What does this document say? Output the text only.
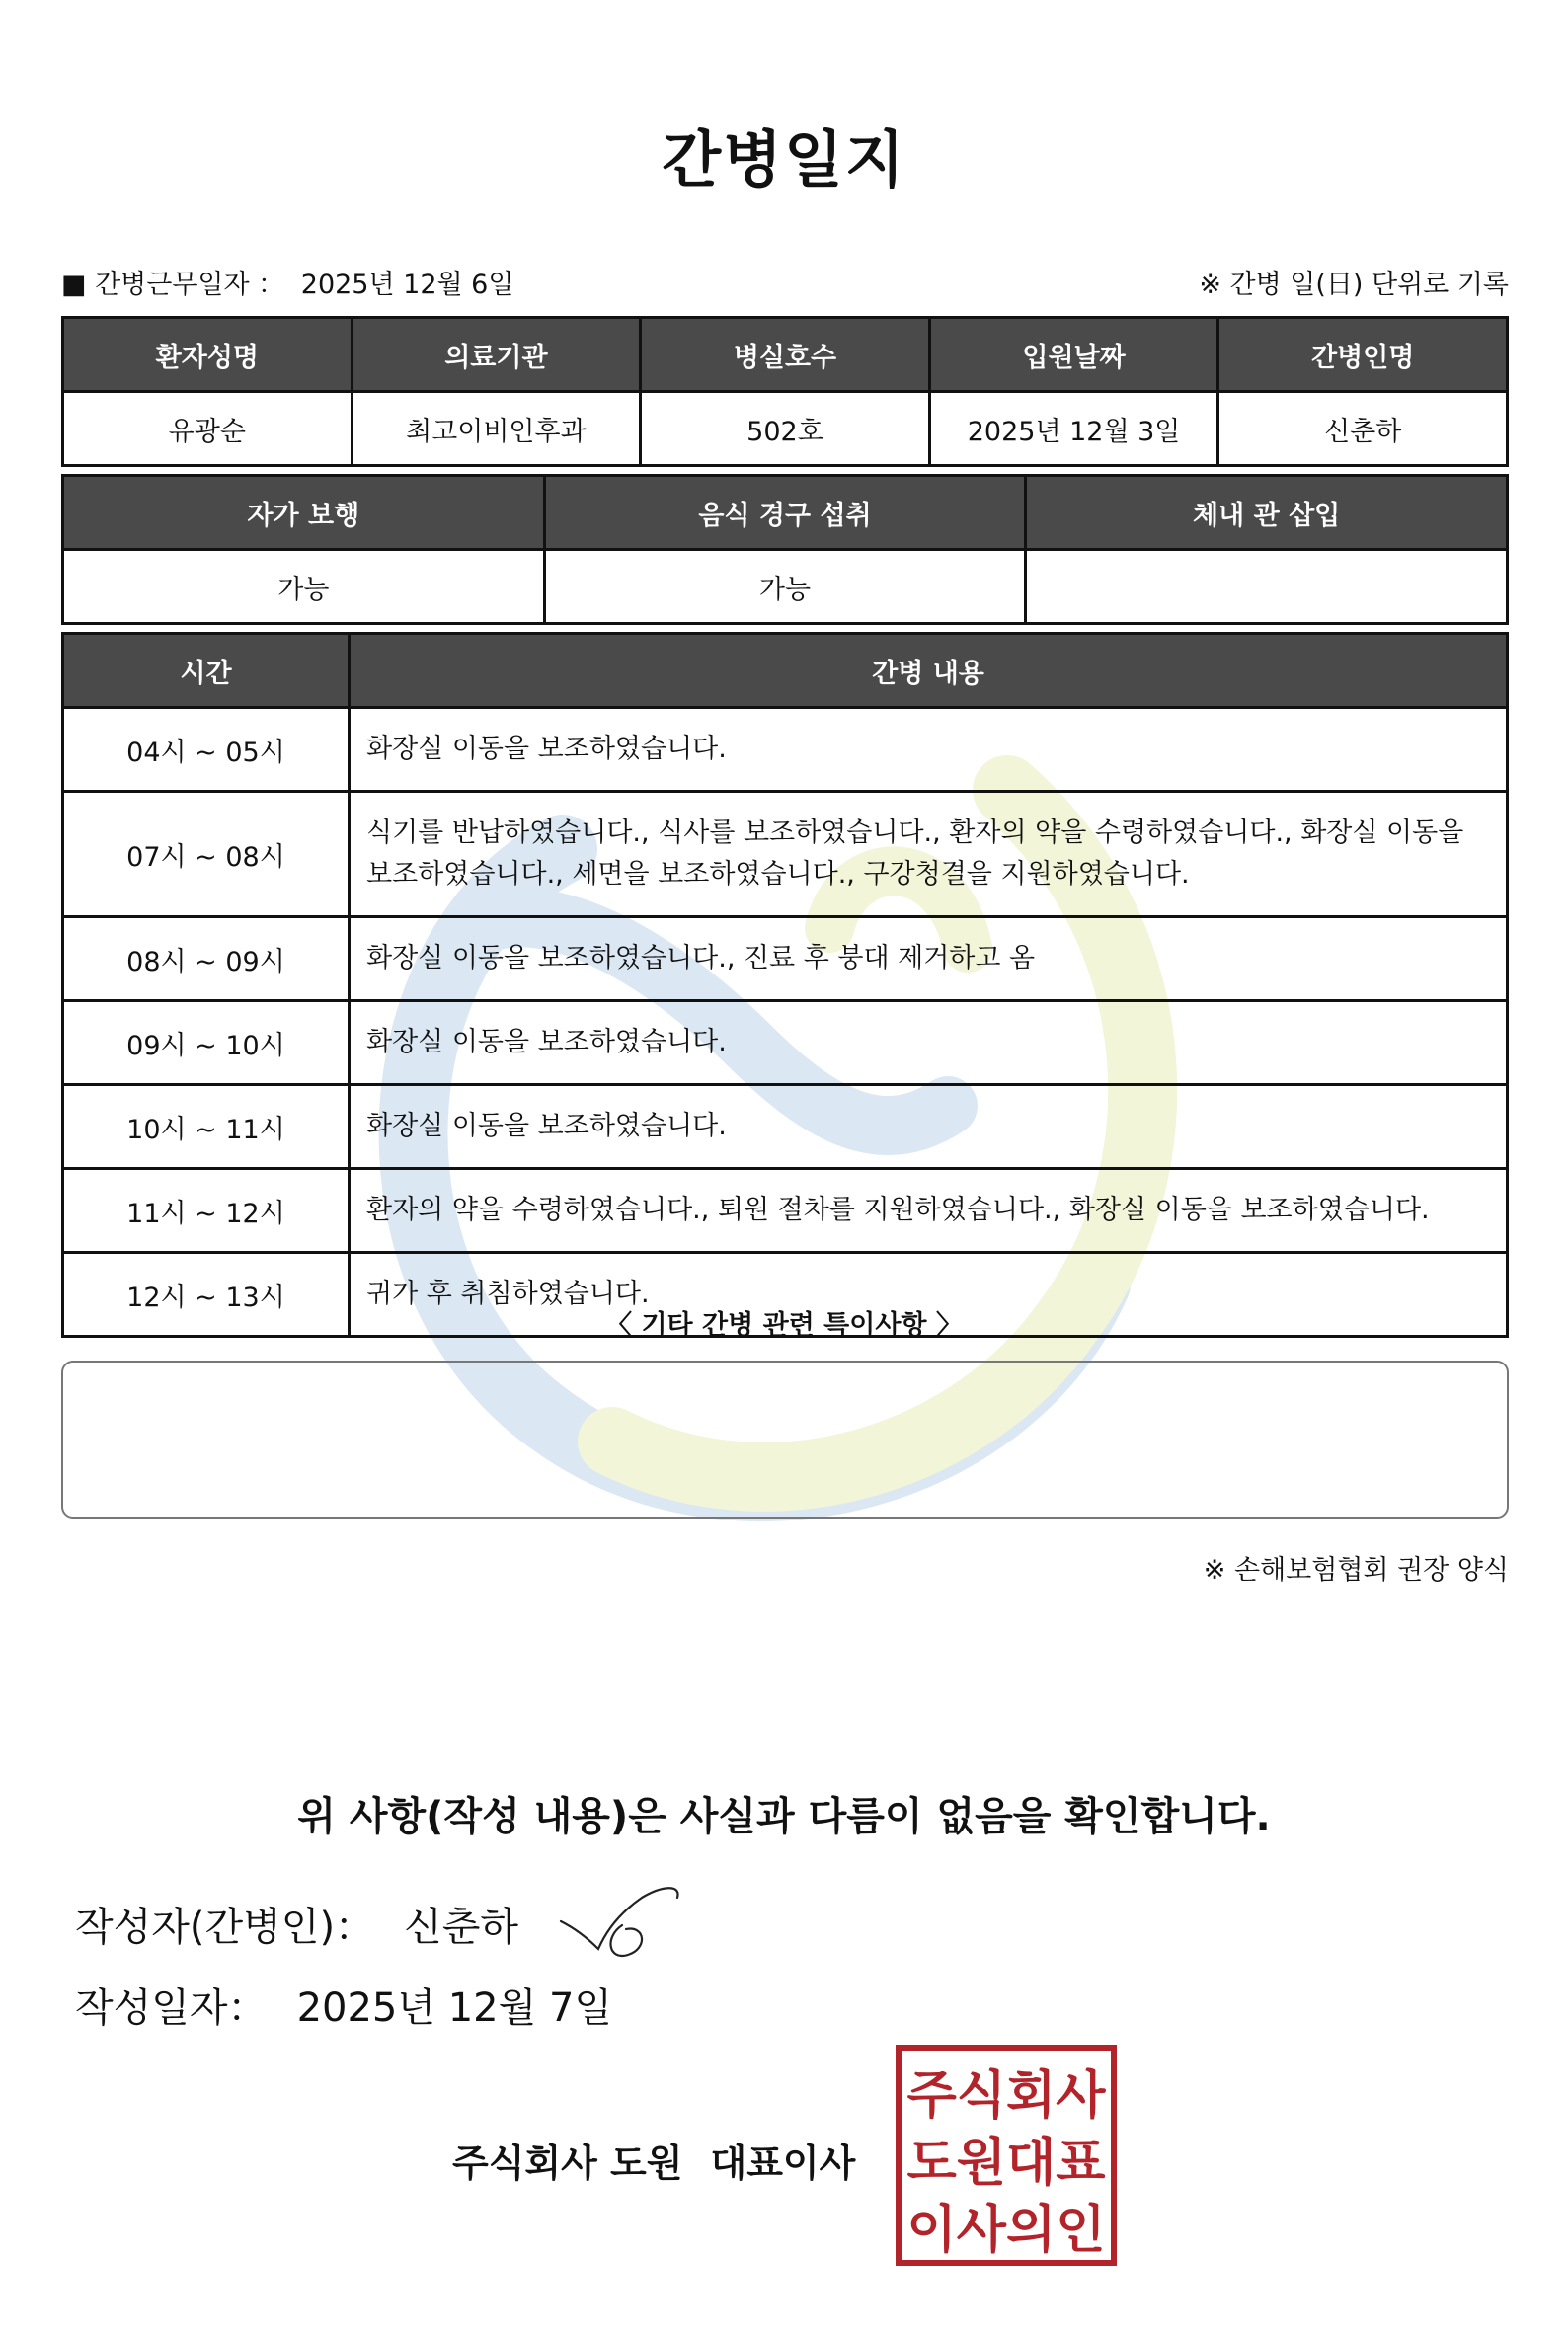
간병일지
■ 간병근무일자 ： 2025년 12월 6일	※ 간병 일(日) 단위로 기록
환자성명	의료기관	병실호수	입원날짜	간병인명
유광순	최고이비인후과	502호	2025년 12월 3일	신춘하
자가 보행	음식 경구 섭취	체내 관 삽입
가능	가능	
시간	간병 내용
04시 ~ 05시	화장실 이동을 보조하였습니다.
07시 ~ 08시	식기를 반납하였습니다., 식사를 보조하였습니다., 환자의 약을 수령하였습니다., 화장실 이동을 보조하였습니다., 세면을 보조하였습니다., 구강청결을 지원하였습니다.
08시 ~ 09시	화장실 이동을 보조하였습니다., 진료 후 붕대 제거하고 옴
09시 ~ 10시	화장실 이동을 보조하였습니다.
10시 ~ 11시	화장실 이동을 보조하였습니다.
11시 ~ 12시	환자의 약을 수령하였습니다., 퇴원 절차를 지원하였습니다., 화장실 이동을 보조하였습니다.
12시 ~ 13시	귀가 후 취침하였습니다.
〈 기타 간병 관련 특이사항 〉
※ 손해보험협회 권장 양식
위 사항(작성 내용)은 사실과 다름이 없음을 확인합니다.
작성자(간병인)： 신춘하
작성일자： 2025년 12월 7일
주식회사 도원 대표이사
주식회사
도원대표
이사의인
